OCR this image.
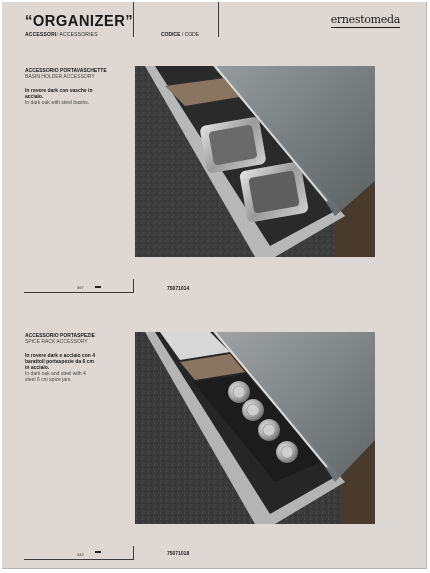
“ORGANIZER”
ACCESSORI/ ACCESSORIES	CODICE / CODE
ernestomeda
ACCESSORIO PORTAVASCHETTE
BASIN HOLDER ACCESSORY
In rovere dark con vasche in acciaio.
In dark oak with steel basins.
397	75071014
ACCESSORIO PORTASPEZIE
SPICE RACK ACCESSORY
In rovere dark e acciaio con 4 barattoli portaspezie da 6 cm in acciaio.
In dark oak and steel with 4 steel 6 cm spice jars.
342	75071018
